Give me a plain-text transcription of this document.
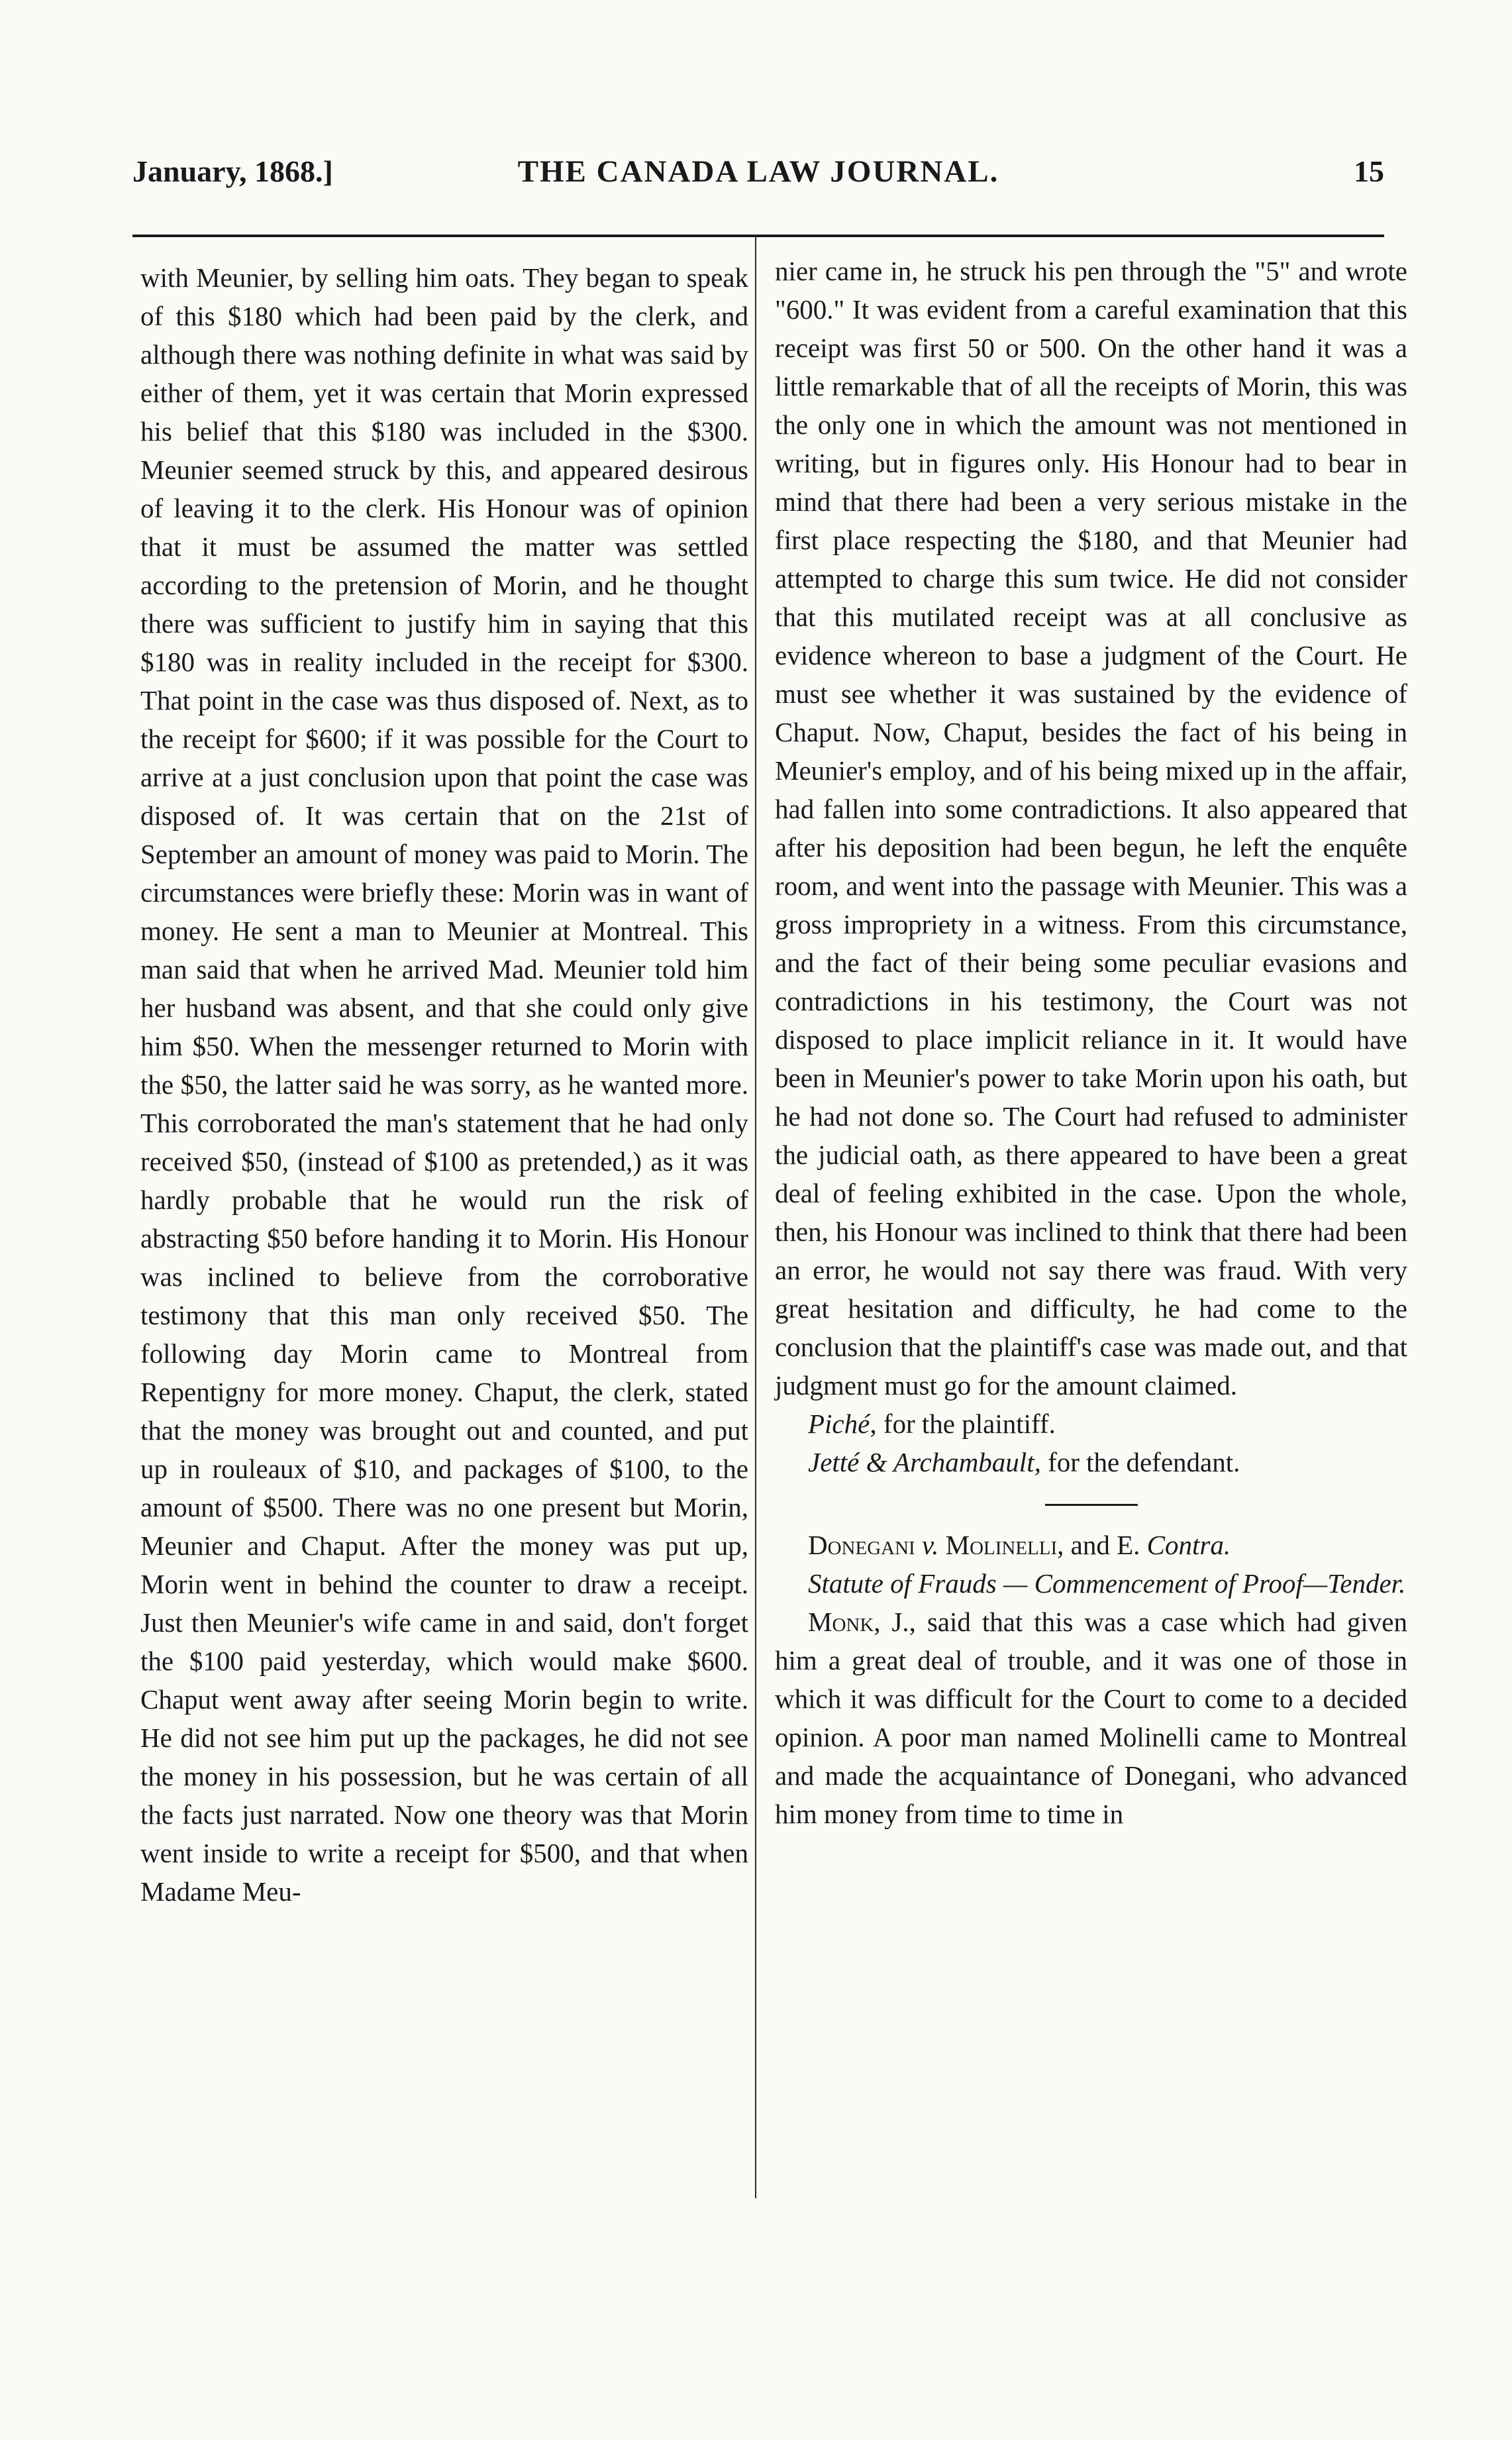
January, 1868.]	THE CANADA LAW JOURNAL.	15

with Meunier, by selling him oats. They began to speak of this $180 which had been paid by the clerk, and although there was nothing definite in what was said by either of them, yet it was certain that Morin expressed his belief that this $180 was included in the $300. Meunier seemed struck by this, and appeared desirous of leaving it to the clerk. His Honour was of opinion that it must be assumed the matter was settled according to the pretension of Morin, and he thought there was sufficient to justify him in saying that this $180 was in reality included in the receipt for $300. That point in the case was thus disposed of. Next, as to the receipt for $600; if it was possible for the Court to arrive at a just conclusion upon that point the case was disposed of. It was certain that on the 21st of September an amount of money was paid to Morin. The circumstances were briefly these: Morin was in want of money. He sent a man to Meunier at Montreal. This man said that when he arrived Mad. Meunier told him her husband was absent, and that she could only give him $50. When the messenger returned to Morin with the $50, the latter said he was sorry, as he wanted more. This corroborated the man's statement that he had only received $50, (instead of $100 as pretended,) as it was hardly probable that he would run the risk of abstracting $50 before handing it to Morin. His Honour was inclined to believe from the corroborative testimony that this man only received $50. The following day Morin came to Montreal from Repentigny for more money. Chaput, the clerk, stated that the money was brought out and counted, and put up in rouleaux of $10, and packages of $100, to the amount of $500. There was no one present but Morin, Meunier and Chaput. After the money was put up, Morin went in behind the counter to draw a receipt. Just then Meunier's wife came in and said, don't forget the $100 paid yesterday, which would make $600. Chaput went away after seeing Morin begin to write. He did not see him put up the packages, he did not see the money in his possession, but he was certain of all the facts just narrated. Now one theory was that Morin went inside to write a receipt for $500, and that when Madame Meu‑

nier came in, he struck his pen through the "5" and wrote "600." It was evident from a careful examination that this receipt was first 50 or 500. On the other hand it was a little remarkable that of all the receipts of Morin, this was the only one in which the amount was not mentioned in writing, but in figures only. His Honour had to bear in mind that there had been a very serious mistake in the first place respecting the $180, and that Meunier had attempted to charge this sum twice. He did not consider that this mutilated receipt was at all conclusive as evidence whereon to base a judgment of the Court. He must see whether it was sustained by the evidence of Chaput. Now, Chaput, besides the fact of his being in Meunier's employ, and of his being mixed up in the affair, had fallen into some contradictions. It also appeared that after his deposition had been begun, he left the enquête room, and went into the passage with Meunier. This was a gross impropriety in a witness. From this circumstance, and the fact of their being some peculiar evasions and contradictions in his testimony, the Court was not disposed to place implicit reliance in it. It would have been in Meunier's power to take Morin upon his oath, but he had not done so. The Court had refused to administer the judicial oath, as there appeared to have been a great deal of feeling exhibited in the case. Upon the whole, then, his Honour was inclined to think that there had been an error, he would not say there was fraud. With very great hesitation and difficulty, he had come to the conclusion that the plaintiff's case was made out, and that judgment must go for the amount claimed.

Piché, for the plaintiff.

Jetté & Archambault, for the defendant.

Donegani v. Molinelli, and E. Contra.

Statute of Frauds — Commencement of Proof—Tender.

Monk, J., said that this was a case which had given him a great deal of trouble, and it was one of those in which it was difficult for the Court to come to a decided opinion. A poor man named Molinelli came to Montreal and made the acquaintance of Donegani, who advanced him money from time to time in
